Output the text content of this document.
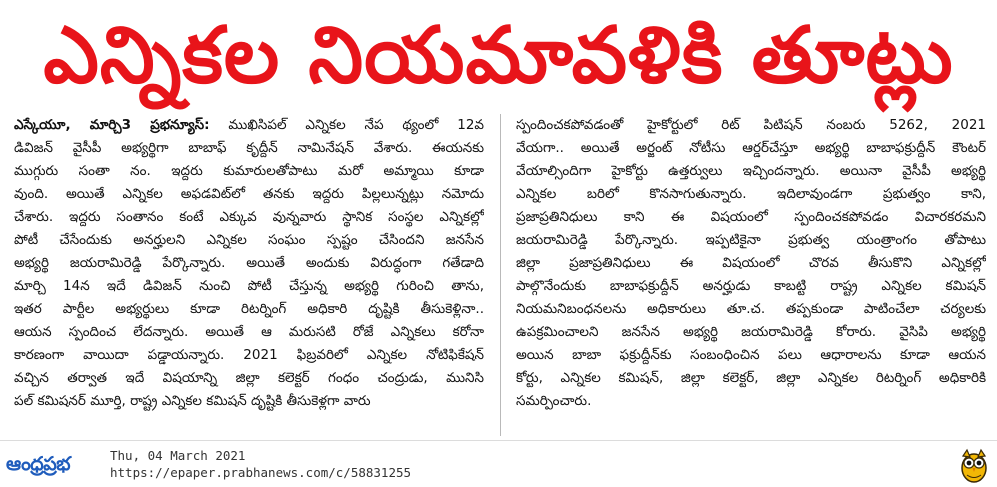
ఎన్నికల నియమావళికి తూట్లు
ఎస్కేయూ, మార్చి3 ప్రభన్యూస్: ముఖిసిపల్ ఎన్నికల నేప థ్యంలో 12వ
డివిజన్ వైసీపీ అభ్యర్థిగా బాబాఫ్ కృద్దీన్ నామినేషన్ వేశారు. ఈయనకు
ముగ్గురు సంతా నం. ఇద్దరు కుమారులతోపాటు మరో అమ్మాయి కూడా
వుంది. అయితే ఎన్నికల అఫడవిట్‌లో తనకు ఇద్దరు పిల్లలున్నట్లు నమోదు
చేశారు. ఇద్దరు సంతానం కంటే ఎక్కువ వున్నవారు స్థానిక సంస్థల ఎన్నికల్లో
పోటీ చేసేందుకు అనర్హులని ఎన్నికల సంఘం స్పష్టం చేసిందని జనసేన
అభ్యర్థి జయరామిరెడ్డి పేర్కొన్నారు. అయితే అందుకు విరుద్ధంగా గతేడాది
మార్చి 14న ఇదే డివిజన్ నుంచి పోటీ చేస్తున్న అభ్యర్థి గురించి తాను,
ఇతర పార్టీల అభ్యర్థులు కూడా రిటర్నింగ్ అధికారి దృష్టికి తీసుకెళ్లినా..
ఆయన స్పందించ లేదన్నారు. అయితే ఆ మరుసటి రోజే ఎన్నికలు కరోనా
కారణంగా వాయిదా పడ్డాయన్నారు. 2021 ఫిబ్రవరిలో ఎన్నికల నోటిఫికేషన్
వచ్చిన తర్వాత ఇదే విషయాన్ని జిల్లా కలెక్టర్ గంధం చంద్రుడు, మునిసి
పల్ కమిషనర్ మూర్తి, రాష్ట్ర ఎన్నికల కమిషన్ దృష్టికి తీసుకెళ్లగా వారు
స్పందించకపోవడంతో హైకోర్టులో రిట్ పిటిషన్ నంబరు 5262, 2021
వేయగా.. అయితే అర్జంట్ నోటీసు ఆర్డర్‌చేస్తూ అభ్యర్థి బాబాఫక్రుద్దీన్ కౌంటర్
వేయాల్సిందిగా హైకోర్టు ఉత్తర్వులు ఇచ్చిందన్నారు. అయినా వైసీపీ అభ్యర్థి
ఎన్నికల బరిలో కొనసాగుతున్నారు. ఇదిలావుండగా ప్రభుత్వం కాని,
ప్రజాప్రతినిధులు కాని ఈ విషయంలో స్పందించకపోవడం విచారకరమని
జయరామిరెడ్డి పేర్కొన్నారు. ఇప్పటికైనా ప్రభుత్వ యంత్రాంగం తోపాటు
జిల్లా ప్రజాప్రతినిధులు ఈ విషయంలో చొరవ తీసుకొని ఎన్నికల్లో
పాల్గొనేందుకు బాబాఫక్రుద్దీన్ అనర్హుడు కాబట్టి రాష్ట్ర ఎన్నికల కమిషన్
నియమనిబంధనలను అధికారులు తూ.చ. తప్పకుండా పాటించేలా చర్యలకు
ఉపక్రమించాలని జనసేన అభ్యర్థి జయరామిరెడ్డి కోరారు. వైసిపి అభ్యర్థి
అయిన బాబా ఫక్రుద్దీన్‌కు సంబంధించిన పలు ఆధారాలను కూడా ఆయన
కోర్టు, ఎన్నికల కమిషన్, జిల్లా కలెక్టర్, జిల్లా ఎన్నికల రిటర్నింగ్ అధికారికి
సమర్పించారు.
ఆంధ్రప్రభ	Thu, 04 March 2021
https://epaper.prabhanews.com/c/58831255
